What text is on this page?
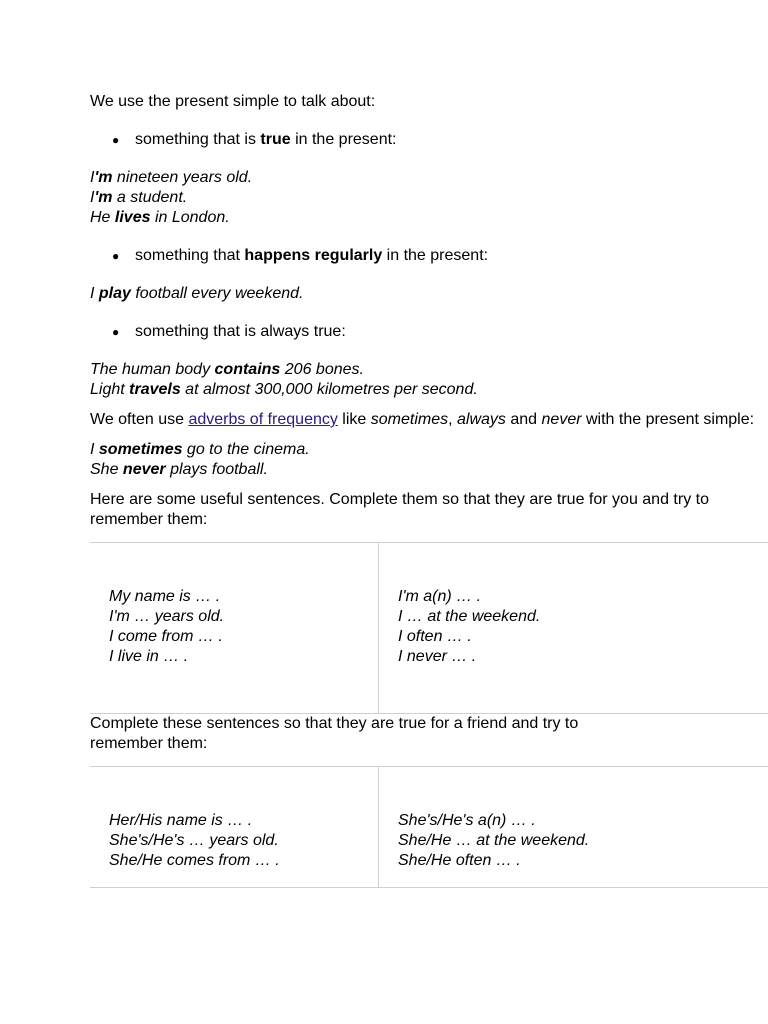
We use the present simple to talk about:

● something that is true in the present:
I'm nineteen years old.
I'm a student.
He lives in London.
● something that happens regularly in the present:
I play football every weekend.
● something that is always true:
The human body contains 206 bones.
Light travels at almost 300,000 kilometres per second.

We often use adverbs of frequency like sometimes, always and never with the present simple:

I sometimes go to the cinema.
She never plays football.

Here are some useful sentences. Complete them so that they are true for you and try to remember them:

My name is … .
I'm … years old.
I come from … .
I live in … .
I'm a(n) … .
I … at the weekend.
I often … .
I never … .

Complete these sentences so that they are true for a friend and try to remember them:

Her/His name is … .
She's/He's … years old.
She/He comes from … .
She's/He's a(n) … .
She/He … at the weekend.
She/He often … .
